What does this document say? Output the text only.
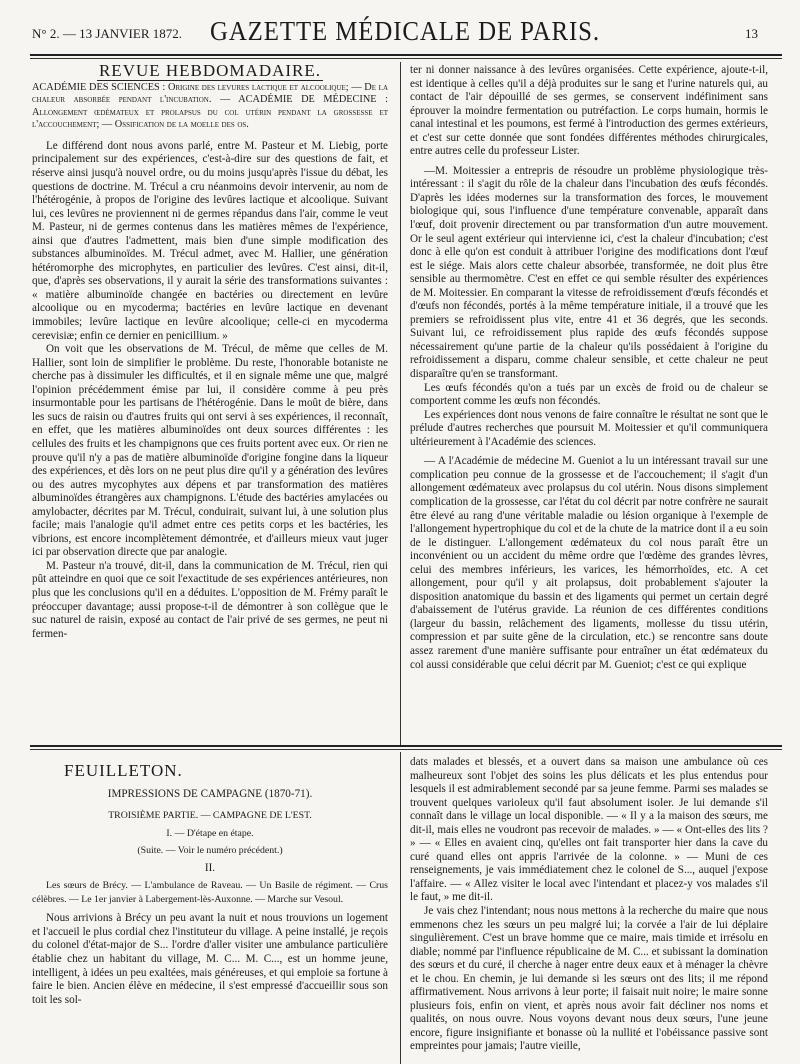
N° 2. — 13 JANVIER 1872.	GAZETTE MÉDICALE DE PARIS.	13
REVUE HEBDOMADAIRE.
ACADÉMIE DES SCIENCES : Origine des levures lactique et alcoolique; — De la chaleur absorbée pendant l'incubation. — ACADÉMIE DE MÉDECINE : Allongement œdémateux et prolapsus du col utérin pendant la grossesse et l'accouchement; — Ossification de la moelle des os.

Le différend dont nous avons parlé, entre M. Pasteur et M. Liebig, porte principalement sur des expériences, c'est-à-dire sur des questions de fait, et réserve ainsi jusqu'à nouvel ordre, ou du moins jusqu'après l'issue du débat, les questions de doctrine. M. Trécul a cru néanmoins devoir intervenir, au nom de l'hétérogénie, à propos de l'origine des levûres lactique et alcoolique. Suivant lui, ces levûres ne proviennent ni de germes répandus dans l'air, comme le veut M. Pasteur, ni de germes contenus dans les matières mêmes de l'expérience, ainsi que d'autres l'admettent, mais bien d'une simple modification des substances albuminoïdes. M. Trécul admet, avec M. Hallier, une génération hétéromorphe des microphytes, en particulier des levûres. C'est ainsi, dit-il, que, d'après ses observations, il y aurait la série des transformations suivantes : « matière albuminoïde changée en bactéries ou directement en levûre alcoolique ou en mycoderma; bactéries en levûre lactique en devenant immobiles; levûre lactique en levûre alcoolique; celle-ci en mycoderma cerevisiæ; enfin ce dernier en penicillium. »

On voit que les observations de M. Trécul, de même que celles de M. Hallier, sont loin de simplifier le problème. Du reste, l'honorable botaniste ne cherche pas à dissimuler les difficultés, et il en signale même une que, malgré l'opinion précédemment émise par lui, il considère comme à peu près insurmontable pour les partisans de l'hétérogénie. Dans le moût de bière, dans les sucs de raisin ou d'autres fruits qui ont servi à ses expériences, il reconnaît, en effet, que les matières albuminoïdes ont deux sources différentes : les cellules des fruits et les champignons que ces fruits portent avec eux. Or rien ne prouve qu'il n'y a pas de matière albuminoïde d'origine fongine dans la liqueur des expériences, et dès lors on ne peut plus dire qu'il y a génération des levûres ou des autres mycophytes aux dépens et par transformation des matières albuminoïdes étrangères aux champignons. L'étude des bactéries amylacées ou amylobacter, décrites par M. Trécul, conduirait, suivant lui, à une solution plus facile; mais l'analogie qu'il admet entre ces petits corps et les bactéries, les vibrions, est encore incomplètement démontrée, et d'ailleurs mieux vaut juger ici par observation directe que par analogie.

M. Pasteur n'a trouvé, dit-il, dans la communication de M. Trécul, rien qui pût atteindre en quoi que ce soit l'exactitude de ses expériences antérieures, non plus que les conclusions qu'il en a déduites. L'opposition de M. Frémy paraît le préoccuper davantage; aussi propose-t-il de démontrer à son collègue que le suc naturel de raisin, exposé au contact de l'air privé de ses germes, ne peut ni fermen-

ter ni donner naissance à des levûres organisées. Cette expérience, ajoute-t-il, est identique à celles qu'il a déjà produites sur le sang et l'urine naturels qui, au contact de l'air dépouillé de ses germes, se conservent indéfiniment sans éprouver la moindre fermentation ou putréfaction. Le corps humain, hormis le canal intestinal et les poumons, est fermé à l'introduction des germes extérieurs, et c'est sur cette donnée que sont fondées différentes méthodes chirurgicales, entre autres celle du professeur Lister.

—M. Moitessier a entrepris de résoudre un problème physiologique très-intéressant : il s'agit du rôle de la chaleur dans l'incubation des œufs fécondés. D'après les idées modernes sur la transformation des forces, le mouvement biologique qui, sous l'influence d'une température convenable, apparaît dans l'œuf, doit provenir directement ou par transformation d'un autre mouvement. Or le seul agent extérieur qui intervienne ici, c'est la chaleur d'incubation; c'est donc à elle qu'on est conduit à attribuer l'origine des modifications dont l'œuf est le siége. Mais alors cette chaleur absorbée, transformée, ne doit plus être sensible au thermomètre. C'est en effet ce qui semble résulter des expériences de M. Moitessier. En comparant la vitesse de refroidissement d'œufs fécondés et d'œufs non fécondés, portés à la même température initiale, il a trouvé que les premiers se refroidissent plus vite, entre 41 et 36 degrés, que les seconds. Suivant lui, ce refroidissement plus rapide des œufs fécondés suppose nécessairement qu'une partie de la chaleur qu'ils possédaient à l'origine du refroidissement a disparu, comme chaleur sensible, et cette chaleur ne peut disparaître qu'en se transformant.

Les œufs fécondés qu'on a tués par un excès de froid ou de chaleur se comportent comme les œufs non fécondés.

Les expériences dont nous venons de faire connaître le résultat ne sont que le prélude d'autres recherches que poursuit M. Moitessier et qu'il communiquera ultérieurement à l'Académie des sciences.

— A l'Académie de médecine M. Gueniot a lu un intéressant travail sur une complication peu connue de la grossesse et de l'accouchement; il s'agit d'un allongement œdémateux avec prolapsus du col utérin. Nous disons simplement complication de la grossesse, car l'état du col décrit par notre confrère ne saurait être élevé au rang d'une véritable maladie ou lésion organique à l'exemple de l'allongement hypertrophique du col et de la chute de la matrice dont il a eu soin de le distinguer. L'allongement œdémateux du col nous paraît être un inconvénient ou un accident du même ordre que l'œdème des grandes lèvres, celui des membres inférieurs, les varices, les hémorrhoïdes, etc. A cet allongement, pour qu'il y ait prolapsus, doit probablement s'ajouter la disposition anatomique du bassin et des ligaments qui permet un certain degré d'abaissement de l'utérus gravide. La réunion de ces différentes conditions (largeur du bassin, relâchement des ligaments, mollesse du tissu utérin, compression et par suite gêne de la circulation, etc.) se rencontre sans doute assez rarement d'une manière suffisante pour entraîner un état œdémateux du col aussi considérable que celui décrit par M. Gueniot; c'est ce qui explique

FEUILLETON.

IMPRESSIONS DE CAMPAGNE (1870-71).

TROISIÈME PARTIE. — CAMPAGNE DE L'EST.

I. — D'étape en étape.

(Suite. — Voir le numéro précédent.)

II.

Les sœurs de Brécy. — L'ambulance de Raveau. — Un Basile de régiment. — Crus célèbres. — Le 1er janvier à Labergement-lès-Auxonne. — Marche sur Vesoul.

Nous arrivions à Brécy un peu avant la nuit et nous trouvions un logement et l'accueil le plus cordial chez l'instituteur du village. A peine installé, je reçois du colonel d'état-major de S... l'ordre d'aller visiter une ambulance particulière établie chez un habitant du village, M. C... M. C..., est un homme jeune, intelligent, à idées un peu exaltées, mais généreuses, et qui emploie sa fortune à faire le bien. Ancien élève en médecine, il s'est empressé d'accueillir sous son toit les sol-

dats malades et blessés, et a ouvert dans sa maison une ambulance où ces malheureux sont l'objet des soins les plus délicats et les plus entendus pour lesquels il est admirablement secondé par sa jeune femme. Parmi ses malades se trouvent quelques varioleux qu'il faut absolument isoler. Je lui demande s'il connaît dans le village un local disponible. — « Il y a la maison des sœurs, me dit-il, mais elles ne voudront pas recevoir de malades. » — « Ont-elles des lits ? » — « Elles en avaient cinq, qu'elles ont fait transporter hier dans la cave du curé quand elles ont appris l'arrivée de la colonne. » — Muni de ces renseignements, je vais immédiatement chez le colonel de S..., auquel j'expose l'affaire. — « Allez visiter le local avec l'intendant et placez-y vos malades s'il le faut, » me dit-il.

Je vais chez l'intendant; nous nous mettons à la recherche du maire que nous emmenons chez les sœurs un peu malgré lui; la corvée a l'air de lui déplaire singulièrement. C'est un brave homme que ce maire, mais timide et irrésolu en diable; nommé par l'influence républicaine de M. C... et subissant la domination des sœurs et du curé, il cherche à nager entre deux eaux et à ménager la chèvre et le chou. En chemin, je lui demande si les sœurs ont des lits; il me répond affirmativement. Nous arrivons à leur porte; il faisait nuit noire; le maire sonne plusieurs fois, enfin on vient, et après nous avoir fait décliner nos noms et qualités, on nous ouvre. Nous voyons devant nous deux sœurs, l'une jeune encore, figure insignifiante et bonasse où la nullité et l'obéissance passive sont empreintes pour jamais; l'autre vieille,
